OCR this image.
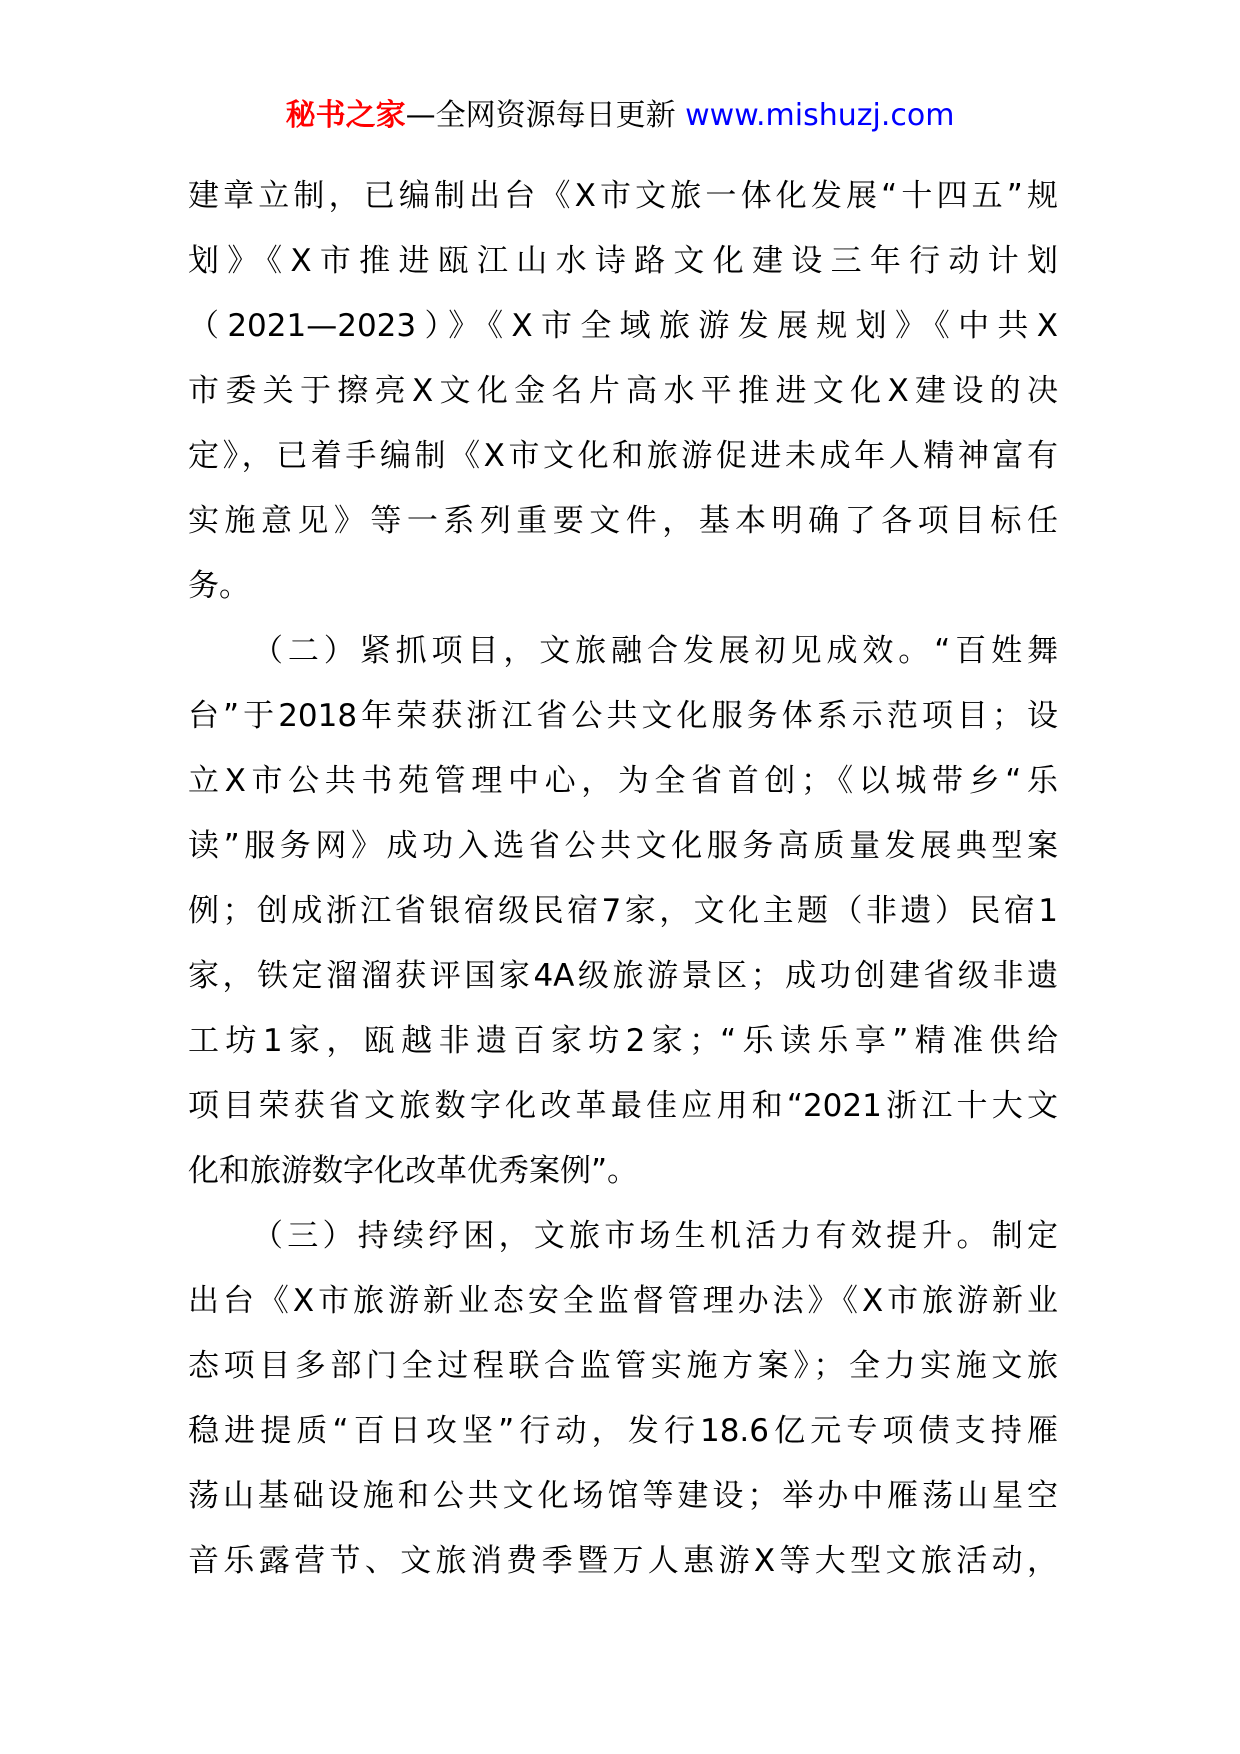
秘书之家—全网资源每日更新 www.mishuzj.com
建章立制，已编制出台《X市文旅一体化发展“十四五”规
划》《X市推进瓯江山水诗路文化建设三年行动计划
（2021—2023）》《X市全域旅游发展规划》《中共X
市委关于擦亮X文化金名片高水平推进文化X建设的决
定》，已着手编制《X市文化和旅游促进未成年人精神富有
实施意见》等一系列重要文件，基本明确了各项目标任
务。
（二）紧抓项目，文旅融合发展初见成效。“百姓舞
台”于2018年荣获浙江省公共文化服务体系示范项目；设
立X市公共书苑管理中心，为全省首创；《以城带乡“乐
读”服务网》成功入选省公共文化服务高质量发展典型案
例；创成浙江省银宿级民宿7家，文化主题（非遗）民宿1
家，铁定溜溜获评国家4A级旅游景区；成功创建省级非遗
工坊1家，瓯越非遗百家坊2家；“乐读乐享”精准供给
项目荣获省文旅数字化改革最佳应用和“2021浙江十大文
化和旅游数字化改革优秀案例”。
（三）持续纾困，文旅市场生机活力有效提升。制定
出台《X市旅游新业态安全监督管理办法》《X市旅游新业
态项目多部门全过程联合监管实施方案》；全力实施文旅
稳进提质“百日攻坚”行动，发行18.6亿元专项债支持雁
荡山基础设施和公共文化场馆等建设；举办中雁荡山星空
音乐露营节、文旅消费季暨万人惠游X等大型文旅活动，
